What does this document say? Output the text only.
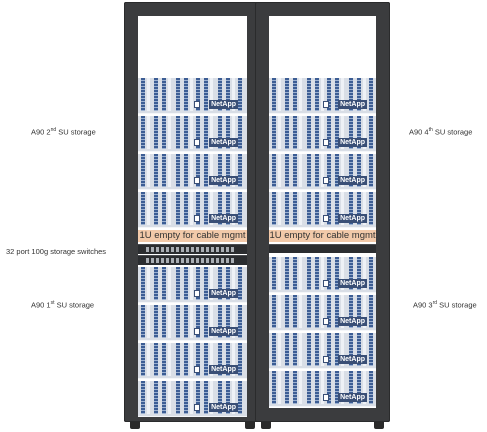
A90 2nd SU storage
32 port 100g storage switches
A90 1st SU storage
A90 4th SU storage
A90 3rd SU storage
1U empty for cable mgmt
NetApp
NetApp
NetApp
NetApp
NetApp
NetApp
NetApp
NetApp
1U empty for cable mgmt
NetApp
NetApp
NetApp
NetApp
NetApp
NetApp
NetApp
NetApp
